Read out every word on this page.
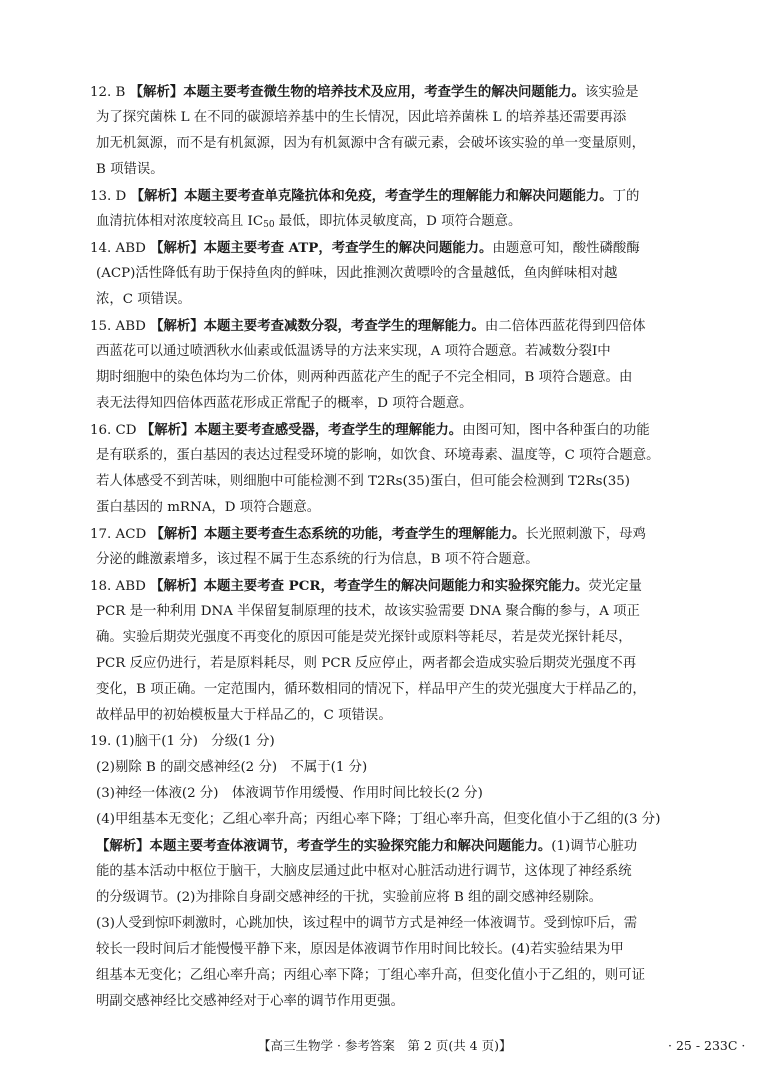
12. B 【解析】本题主要考查微生物的培养技术及应用，考查学生的解决问题能力。该实验是
为了探究菌株 L 在不同的碳源培养基中的生长情况，因此培养菌株 L 的培养基还需要再添
加无机氮源，而不是有机氮源，因为有机氮源中含有碳元素，会破坏该实验的单一变量原则，
B 项错误。
13. D 【解析】本题主要考查单克隆抗体和免疫，考查学生的理解能力和解决问题能力。丁的
血清抗体相对浓度较高且 $IC_{50}$ 最低，即抗体灵敏度高，D 项符合题意。
14. ABD 【解析】本题主要考查 ATP，考查学生的解决问题能力。由题意可知，酸性磷酸酶
(ACP)活性降低有助于保持鱼肉的鲜味，因此推测次黄嘌呤的含量越低，鱼肉鲜味相对越
浓，C 项错误。
15. ABD 【解析】本题主要考查减数分裂，考查学生的理解能力。由二倍体西蓝花得到四倍体
西蓝花可以通过喷洒秋水仙素或低温诱导的方法来实现，A 项符合题意。若减数分裂Ⅰ中
期时细胞中的染色体均为二价体，则两种西蓝花产生的配子不完全相同，B 项符合题意。由
表无法得知四倍体西蓝花形成正常配子的概率，D 项符合题意。
16. CD 【解析】本题主要考查感受器，考查学生的理解能力。由图可知，图中各种蛋白的功能
是有联系的，蛋白基因的表达过程受环境的影响，如饮食、环境毒素、温度等，C 项符合题意。
若人体感受不到苦味，则细胞中可能检测不到 T2Rs(35)蛋白，但可能会检测到 T2Rs(35)
蛋白基因的 mRNA，D 项符合题意。
17. ACD 【解析】本题主要考查生态系统的功能，考查学生的理解能力。长光照刺激下，母鸡
分泌的雌激素增多，该过程不属于生态系统的行为信息，B 项不符合题意。
18. ABD 【解析】本题主要考查 PCR，考查学生的解决问题能力和实验探究能力。荧光定量
PCR 是一种利用 DNA 半保留复制原理的技术，故该实验需要 DNA 聚合酶的参与，A 项正
确。实验后期荧光强度不再变化的原因可能是荧光探针或原料等耗尽，若是荧光探针耗尽，
PCR 反应仍进行，若是原料耗尽，则 PCR 反应停止，两者都会造成实验后期荧光强度不再
变化，B 项正确。一定范围内，循环数相同的情况下，样品甲产生的荧光强度大于样品乙的，
故样品甲的初始模板量大于样品乙的，C 项错误。
19. (1)脑干(1 分)　分级(1 分)
(2)剔除 B 的副交感神经(2 分)　不属于(1 分)
(3)神经一体液(2 分)　体液调节作用缓慢、作用时间比较长(2 分)
(4)甲组基本无变化；乙组心率升高；丙组心率下降；丁组心率升高，但变化值小于乙组的(3 分)
【解析】本题主要考查体液调节，考查学生的实验探究能力和解决问题能力。(1)调节心脏功
能的基本活动中枢位于脑干，大脑皮层通过此中枢对心脏活动进行调节，这体现了神经系统
的分级调节。(2)为排除自身副交感神经的干扰，实验前应将 B 组的副交感神经剔除。
(3)人受到惊吓刺激时，心跳加快，该过程中的调节方式是神经一体液调节。受到惊吓后，需
较长一段时间后才能慢慢平静下来，原因是体液调节作用时间比较长。(4)若实验结果为甲
组基本无变化；乙组心率升高；丙组心率下降；丁组心率升高，但变化值小于乙组的，则可证
明副交感神经比交感神经对于心率的调节作用更强。
【高三生物学 · 参考答案　第 2 页(共 4 页)】	· 25 - 233C ·
